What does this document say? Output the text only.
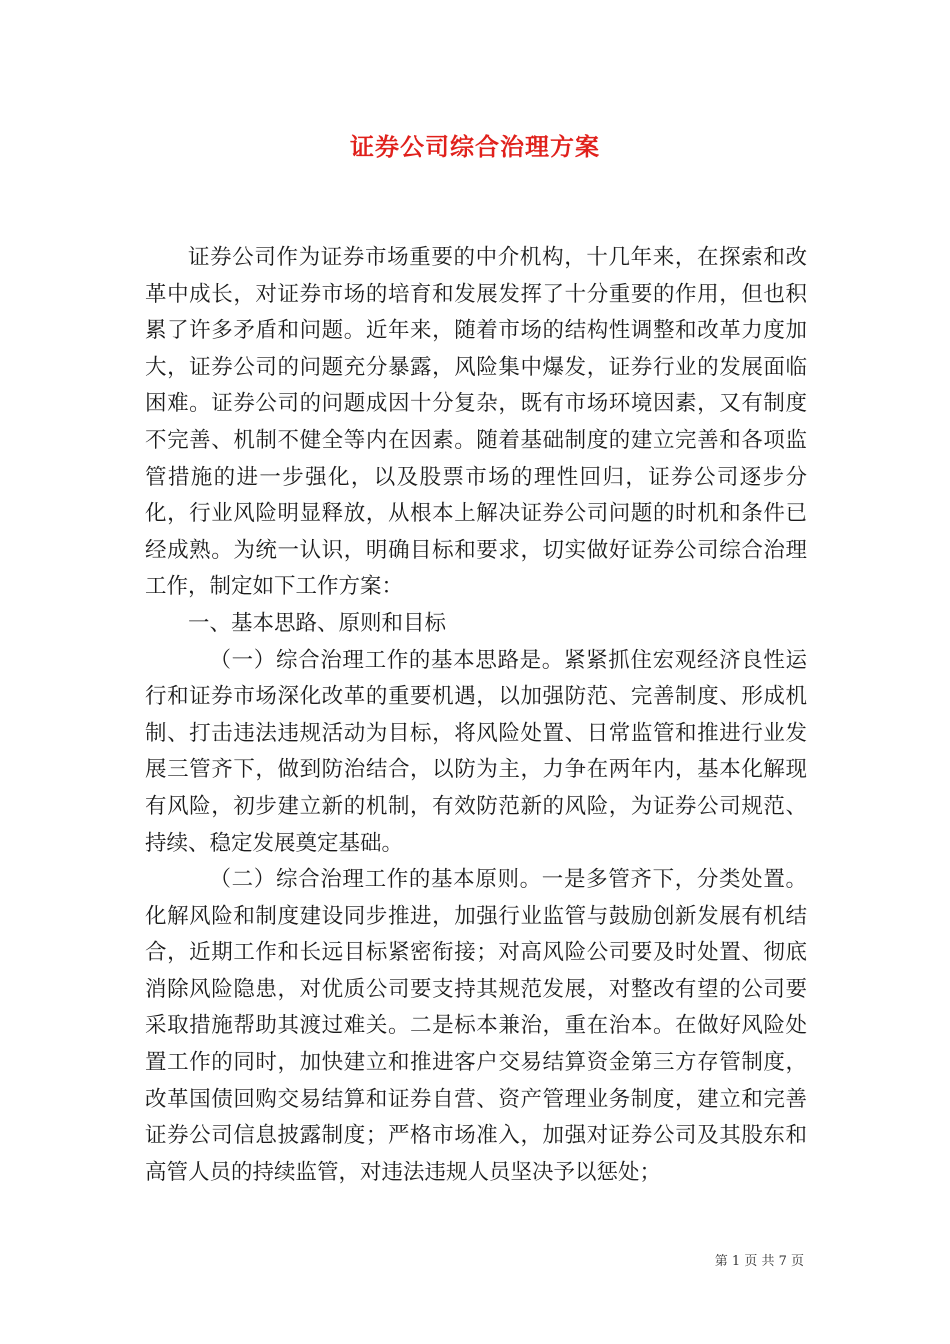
证券公司综合治理方案

证券公司作为证券市场重要的中介机构，十几年来，在探索和改革中成长，对证券市场的培育和发展发挥了十分重要的作用，但也积累了许多矛盾和问题。近年来，随着市场的结构性调整和改革力度加大，证券公司的问题充分暴露，风险集中爆发，证券行业的发展面临困难。证券公司的问题成因十分复杂，既有市场环境因素，又有制度不完善、机制不健全等内在因素。随着基础制度的建立完善和各项监管措施的进一步强化，以及股票市场的理性回归，证券公司逐步分化，行业风险明显释放，从根本上解决证券公司问题的时机和条件已经成熟。为统一认识，明确目标和要求，切实做好证券公司综合治理工作，制定如下工作方案：

一、基本思路、原则和目标

（一）综合治理工作的基本思路是。紧紧抓住宏观经济良性运行和证券市场深化改革的重要机遇，以加强防范、完善制度、形成机制、打击违法违规活动为目标，将风险处置、日常监管和推进行业发展三管齐下，做到防治结合，以防为主，力争在两年内，基本化解现有风险，初步建立新的机制，有效防范新的风险，为证券公司规范、持续、稳定发展奠定基础。

（二）综合治理工作的基本原则。一是多管齐下，分类处置。化解风险和制度建设同步推进，加强行业监管与鼓励创新发展有机结合，近期工作和长远目标紧密衔接；对高风险公司要及时处置、彻底消除风险隐患，对优质公司要支持其规范发展，对整改有望的公司要采取措施帮助其渡过难关。二是标本兼治，重在治本。在做好风险处置工作的同时，加快建立和推进客户交易结算资金第三方存管制度，改革国债回购交易结算和证券自营、资产管理业务制度，建立和完善证券公司信息披露制度；严格市场准入，加强对证券公司及其股东和高管人员的持续监管，对违法违规人员坚决予以惩处；

第 1 页 共 7 页
